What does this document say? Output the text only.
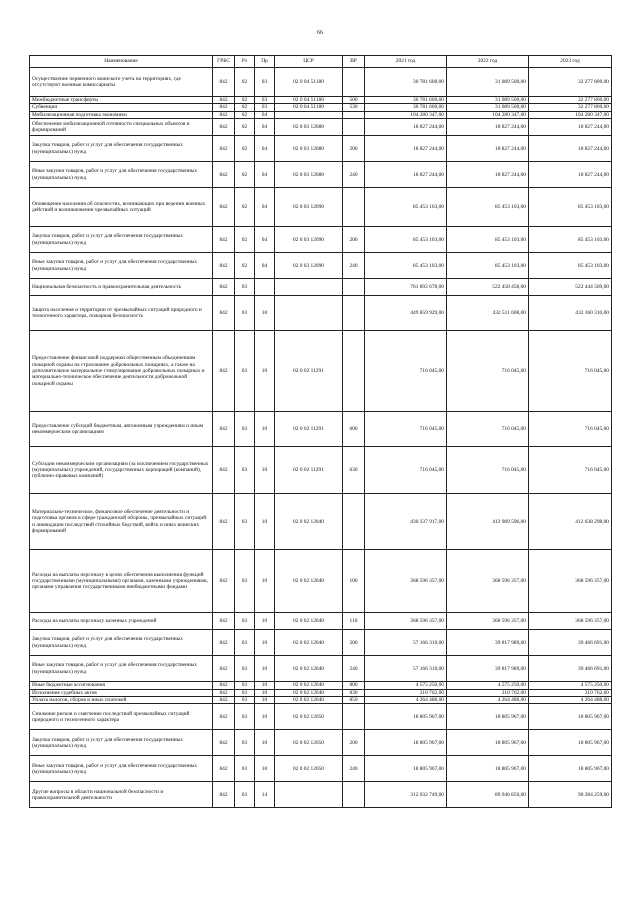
66
Наименование	ГРБС	Рз	Пр	ЦСР	ВР	2021 год	2022 год	2023 год
Осуществление первичного воинского учета на территориях, где отсутствуют военные комиссариаты	842	02	03	02 0 04 51180		30 781 600,00	31 089 500,00	32 277 800,00
Межбюджетные трансферты	842	02	03	02 0 04 51180	500	30 781 600,00	31 089 500,00	32 277 800,00
Субвенции	842	02	03	02 0 04 51180	530	30 781 600,00	31 089 500,00	32 277 800,00
Мобилизационная подготовка экономики	842	02	04			104 280 347,00	104 280 347,00	104 280 347,00
Обеспечение мобилизационной готовности специальных объектов и формирований	842	02	04	02 0 03 12080		18 827 244,00	18 827 244,00	18 827 244,00
Закупка товаров, работ и услуг для обеспечения государственных (муниципальных) нужд	842	02	04	02 0 03 12080	200	18 827 244,00	18 827 244,00	18 827 244,00
Иные закупки товаров, работ и услуг для обеспечения государственных (муниципальных) нужд	842	02	04	02 0 03 12080	240	18 827 244,00	18 827 244,00	18 827 244,00
Оповещение населения об опасностях, возникающих при ведении военных действий и возникновении чрезвычайных ситуаций	842	02	04	02 0 03 12090		85 453 103,00	85 453 103,00	85 453 103,00
Закупка товаров, работ и услуг для обеспечения государственных (муниципальных) нужд	842	02	04	02 0 03 12090	200	85 453 103,00	85 453 103,00	85 453 103,00
Иные закупки товаров, работ и услуг для обеспечения государственных (муниципальных) нужд	842	02	04	02 0 03 12090	240	85 453 103,00	85 453 103,00	85 453 103,00
Национальная безопасность и правоохранительная деятельность	842	03				761 892 678,00	522 458 458,00	522 444 569,00
Защита населения и территории от чрезвычайных ситуаций природного и техногенного характера, пожарная безопасность	842	03	10			449 859 929,00	432 511 608,00	432 160 310,00
Предоставление финансовой поддержки общественным объединениям пожарной охраны на страхование добровольных пожарных, а также на дополнительное материальное стимулирование добровольных пожарных и материально-техническое обеспечение деятельности добровольной пожарной охраны	842	03	10	02 0 02 11291		716 045,00	716 045,00	716 045,00
Предоставление субсидий бюджетным, автономным учреждениям и иным некоммерческим организациям	842	03	10	02 0 02 11291	600	716 045,00	716 045,00	716 045,00
Субсидии некоммерческим организациям (за исключением государственных (муниципальных) учреждений, государственных корпораций (компаний), публично-правовых компаний)	842	03	10	02 0 02 11291	630	716 045,00	716 045,00	716 045,00
Материально-техническое, финансовое обеспечение деятельности и подготовка органов в сфере гражданской обороны, чрезвычайных ситуаций и ликвидации последствий стихийных бедствий, войск и иных воинских формирований	842	03	10	02 0 02 12040		430 337 917,00	412 989 596,00	412 638 298,00
Расходы на выплаты персоналу в целях обеспечения выполнения функций государственными (муниципальными) органами, казенными учреждениями, органами управления государственными внебюджетными фондами	842	03	10	02 0 02 12040	100	368 596 357,00	368 596 357,00	368 596 357,00
Расходы на выплаты персоналу казенных учреждений	842	03	10	02 0 02 12040	110	368 596 357,00	368 596 357,00	368 596 357,00
Закупка товаров, работ и услуг для обеспечения государственных (муниципальных) нужд	842	03	10	02 0 02 12040	200	57 166 310,00	39 817 989,00	39 466 691,00
Иные закупки товаров, работ и услуг для обеспечения государственных (муниципальных) нужд	842	03	10	02 0 02 12040	240	57 166 310,00	39 817 989,00	39 466 691,00
Иные бюджетные ассигнования	842	03	10	02 0 02 12040	800	4 575 250,00	4 575 250,00	4 575 250,00
Исполнение судебных актов	842	03	10	02 0 02 12040	830	310 762,00	310 762,00	310 762,00
Уплата налогов, сборов и иных платежей	842	03	10	02 0 02 12040	850	4 264 488,00	4 264 488,00	4 264 488,00
Снижение рисков и смягчение последствий чрезвычайных ситуаций природного и техногенного характера	842	03	10	02 0 02 12050		18 805 967,00	18 805 967,00	18 805 967,00
Закупка товаров, работ и услуг для обеспечения государственных (муниципальных) нужд	842	03	10	02 0 02 12050	200	18 805 967,00	18 805 967,00	18 805 967,00
Иные закупки товаров, работ и услуг для обеспечения государственных (муниципальных) нужд	842	03	10	02 0 02 12050	240	18 805 967,00	18 805 967,00	18 805 967,00
Другие вопросы в области национальной безопасности и правоохранительной деятельности	842	03	14			312 032 749,00	89 946 850,00	90 284 259,00
